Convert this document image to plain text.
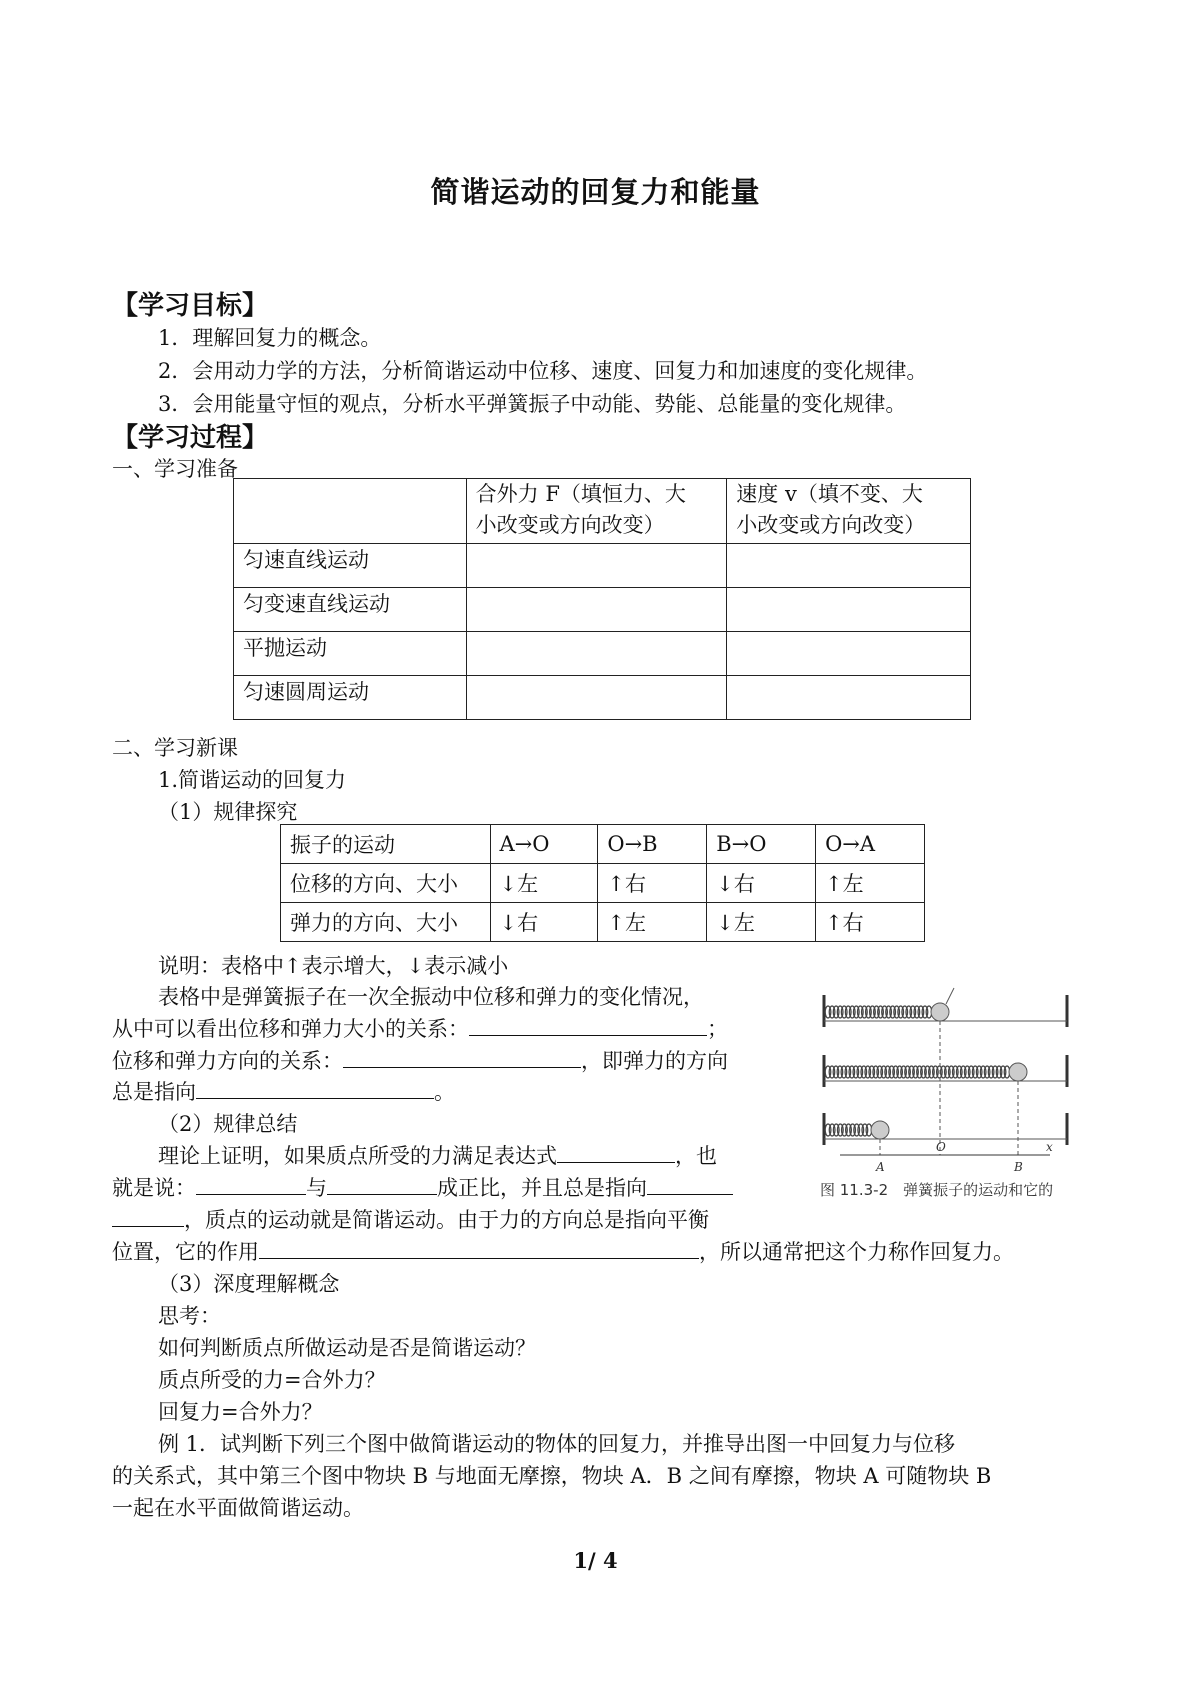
简谐运动的回复力和能量
【学习目标】
1．理解回复力的概念。
2．会用动力学的方法，分析简谐运动中位移、速度、回复力和加速度的变化规律。
3．会用能量守恒的观点，分析水平弹簧振子中动能、势能、总能量的变化规律。
【学习过程】
一、学习准备
	合外力 F（填恒力、大
小改变或方向改变）	速度 v（填不变、大
小改变或方向改变）
匀速直线运动		
匀变速直线运动		
平抛运动		
匀速圆周运动		
二、学习新课
1.简谐运动的回复力
（1）规律探究
振子的运动	A→O	O→B	B→O	O→A
位移的方向、大小	↓左	↑右	↓右	↑左
弹力的方向、大小	↓右	↑左	↓左	↑右
说明：表格中↑表示增大，↓表示减小
表格中是弹簧振子在一次全振动中位移和弹力的变化情况，
从中可以看出位移和弹力大小的关系：	；
位移和弹力方向的关系：	，即弹力的方向
总是指向	。
（2）规律总结
理论上证明，如果质点所受的力满足表达式	，也
就是说：	与	成正比，并且总是指向
，质点的运动就是简谐运动。由于力的方向总是指向平衡
位置，它的作用	，所以通常把这个力称作回复力。
A
O
B
x
图 11.3-2　弹簧振子的运动和它的
（3）深度理解概念
思考：
如何判断质点所做运动是否是简谐运动？
质点所受的力=合外力？
回复力=合外力？
例 1．试判断下列三个图中做简谐运动的物体的回复力，并推导出图一中回复力与位移
的关系式，其中第三个图中物块 B 与地面无摩擦，物块 A．B 之间有摩擦，物块 A 可随物块 B
一起在水平面做简谐运动。
1/ 4
